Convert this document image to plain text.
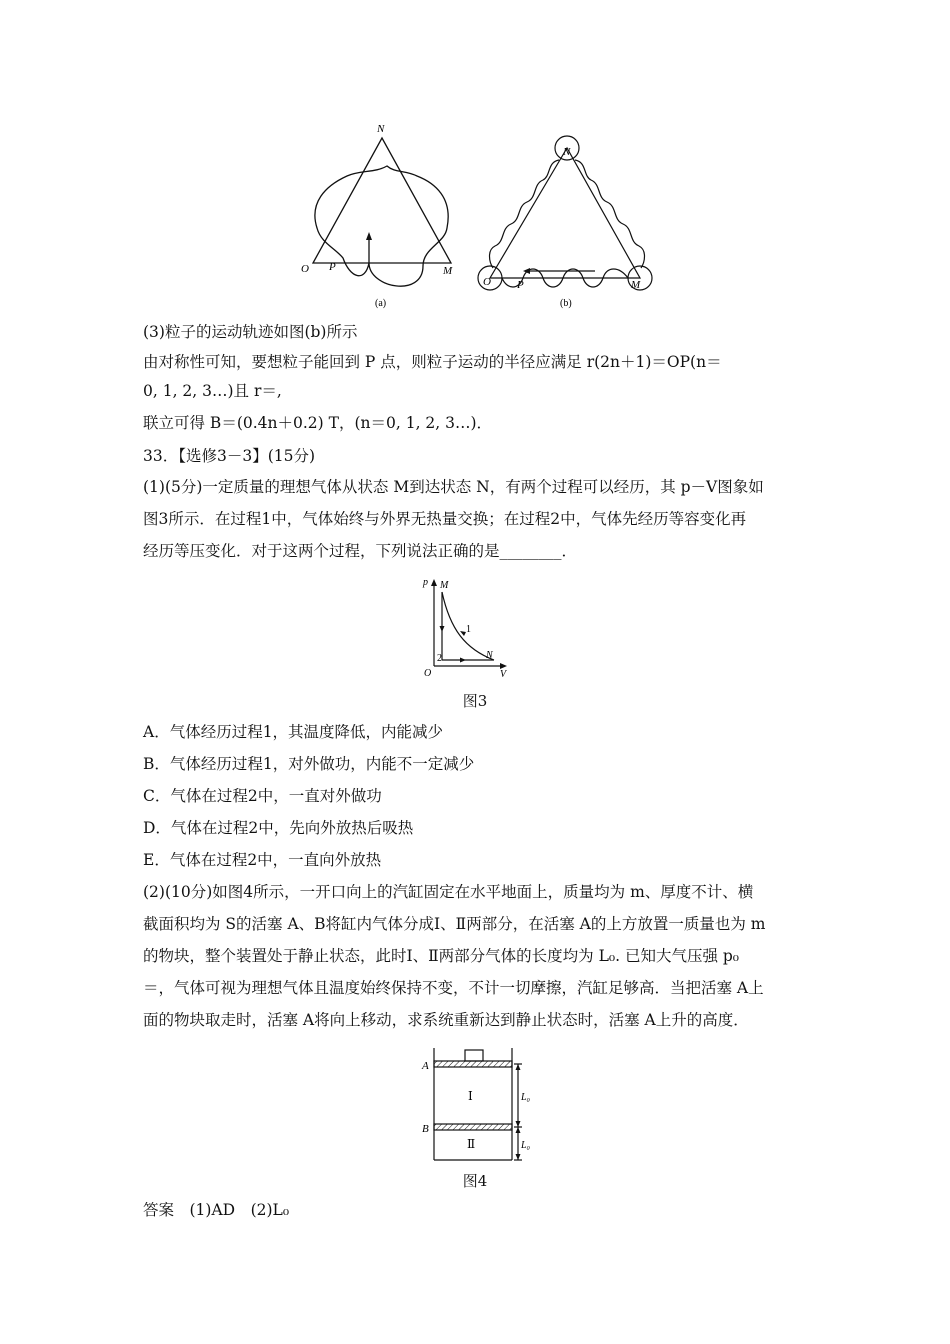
N
O P	M
(a)
N
O P	M
(b)
(3)粒子的运动轨迹如图(b)所示
由对称性可知，要想粒子能回到 P 点，则粒子运动的半径应满足 r(2n＋1)＝OP(n＝
0, 1, 2, 3…)且 r＝,
联立可得 B＝(0.4n＋0.2) T，(n＝0, 1, 2, 3…)．
33．【选修3－3】(15分)
(1)(5分)一定质量的理想气体从状态 M到达状态 N，有两个过程可以经历，其 p－V图象如
图3所示．在过程1中，气体始终与外界无热量交换；在过程2中，气体先经历等容变化再
经历等压变化．对于这两个过程，下列说法正确的是________．
p M
1
2	N
O	V
图3
A．气体经历过程1，其温度降低，内能减少
B．气体经历过程1，对外做功，内能不一定减少
C．气体在过程2中，一直对外做功
D．气体在过程2中，先向外放热后吸热
E．气体在过程2中，一直向外放热
(2)(10分)如图4所示，一开口向上的汽缸固定在水平地面上，质量均为 m、厚度不计、横
截面积均为 S的活塞 A、B将缸内气体分成Ⅰ、Ⅱ两部分，在活塞 A的上方放置一质量也为 m
的物块，整个装置处于静止状态，此时Ⅰ、Ⅱ两部分气体的长度均为 L₀. 已知大气压强 p₀
＝，气体可视为理想气体且温度始终保持不变，不计一切摩擦，汽缸足够高．当把活塞 A上
面的物块取走时，活塞 A将向上移动，求系统重新达到静止状态时，活塞 A上升的高度．
A
B
Ⅰ
Ⅱ
L₀
L₀
图4
答案　(1)AD　(2)L₀
